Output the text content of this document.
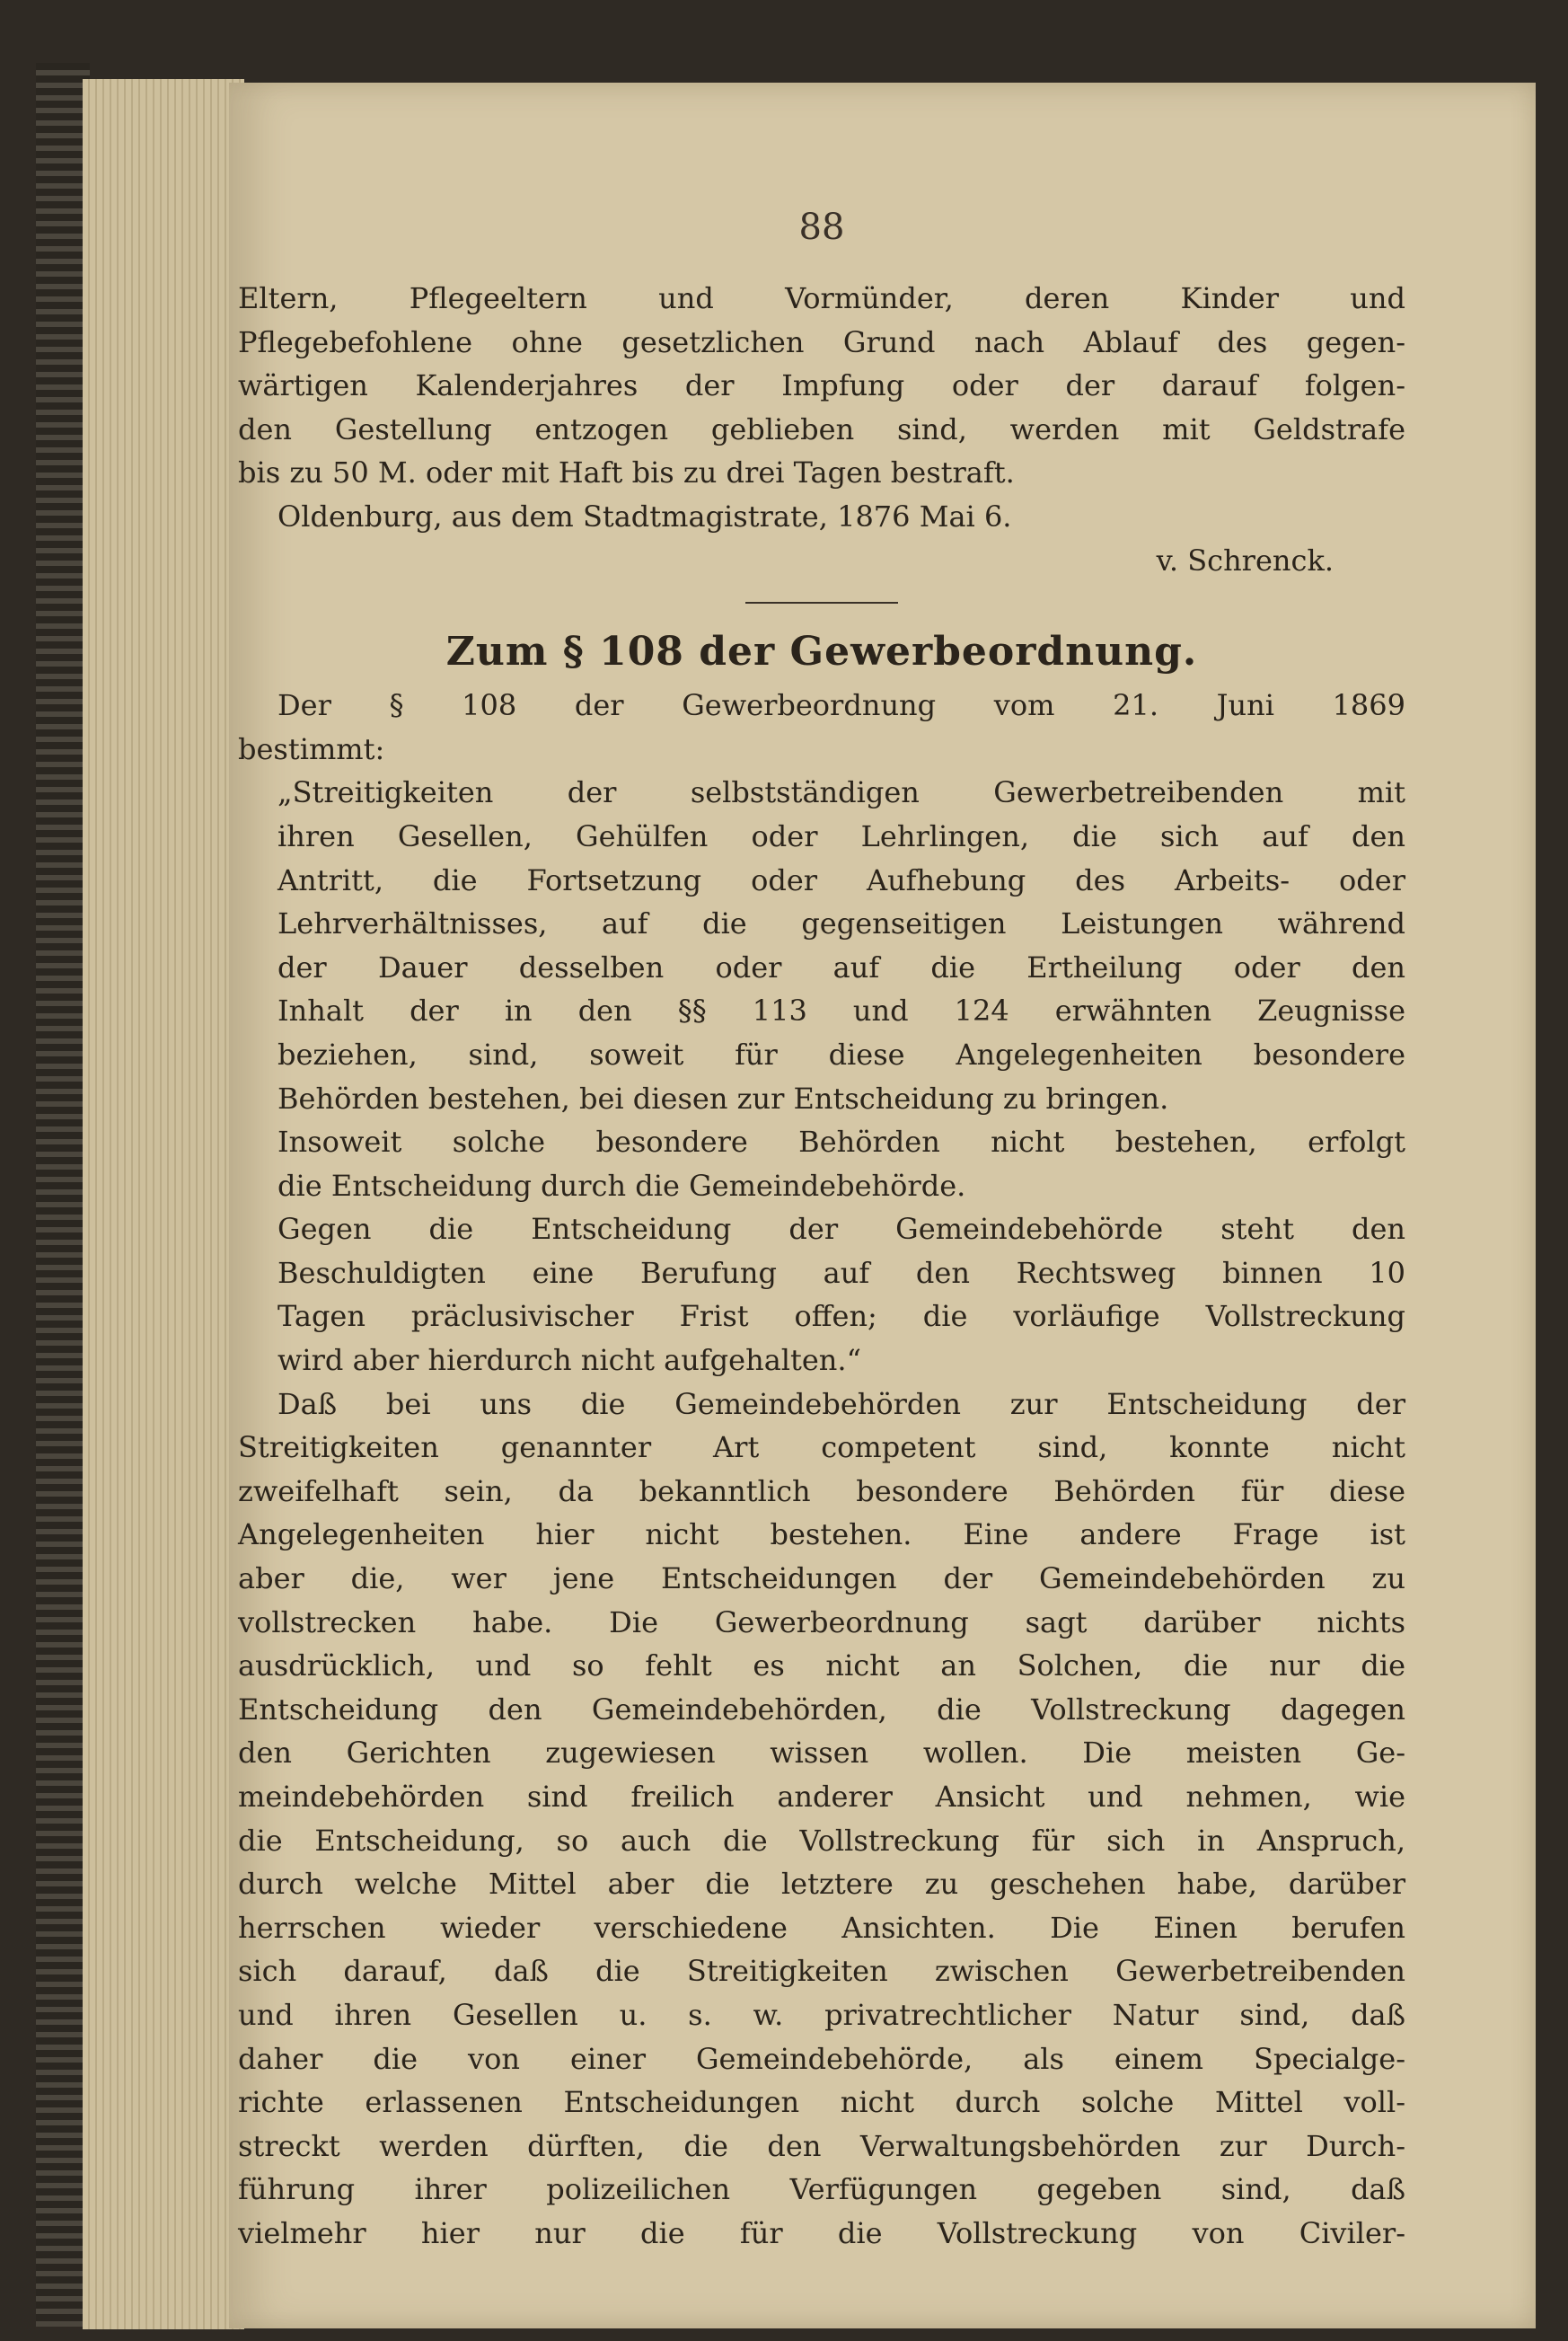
88
Eltern, Pflegeeltern und Vormünder, deren Kinder und
Pflegebefohlene ohne gesetzlichen Grund nach Ablauf des gegen-
wärtigen Kalenderjahres der Impfung oder der darauf folgen-
den Gestellung entzogen geblieben sind, werden mit Geldstrafe
bis zu 50 M. oder mit Haft bis zu drei Tagen bestraft.
Oldenburg, aus dem Stadtmagistrate, 1876 Mai 6.
v. Schrenck.
Zum § 108 der Gewerbeordnung.
Der § 108 der Gewerbeordnung vom 21. Juni 1869
bestimmt:
„Streitigkeiten der selbstständigen Gewerbetreibenden mit
ihren Gesellen, Gehülfen oder Lehrlingen, die sich auf den
Antritt, die Fortsetzung oder Aufhebung des Arbeits- oder
Lehrverhältnisses, auf die gegenseitigen Leistungen während
der Dauer desselben oder auf die Ertheilung oder den
Inhalt der in den §§ 113 und 124 erwähnten Zeugnisse
beziehen, sind, soweit für diese Angelegenheiten besondere
Behörden bestehen, bei diesen zur Entscheidung zu bringen.
Insoweit solche besondere Behörden nicht bestehen, erfolgt
die Entscheidung durch die Gemeindebehörde.
Gegen die Entscheidung der Gemeindebehörde steht den
Beschuldigten eine Berufung auf den Rechtsweg binnen 10
Tagen präclusivischer Frist offen; die vorläufige Vollstreckung
wird aber hierdurch nicht aufgehalten.“
Daß bei uns die Gemeindebehörden zur Entscheidung der
Streitigkeiten genannter Art competent sind, konnte nicht
zweifelhaft sein, da bekanntlich besondere Behörden für diese
Angelegenheiten hier nicht bestehen. Eine andere Frage ist
aber die, wer jene Entscheidungen der Gemeindebehörden zu
vollstrecken habe. Die Gewerbeordnung sagt darüber nichts
ausdrücklich, und so fehlt es nicht an Solchen, die nur die
Entscheidung den Gemeindebehörden, die Vollstreckung dagegen
den Gerichten zugewiesen wissen wollen. Die meisten Ge-
meindebehörden sind freilich anderer Ansicht und nehmen, wie
die Entscheidung, so auch die Vollstreckung für sich in Anspruch,
durch welche Mittel aber die letztere zu geschehen habe, darüber
herrschen wieder verschiedene Ansichten. Die Einen berufen
sich darauf, daß die Streitigkeiten zwischen Gewerbetreibenden
und ihren Gesellen u. s. w. privatrechtlicher Natur sind, daß
daher die von einer Gemeindebehörde, als einem Specialge-
richte erlassenen Entscheidungen nicht durch solche Mittel voll-
streckt werden dürften, die den Verwaltungsbehörden zur Durch-
führung ihrer polizeilichen Verfügungen gegeben sind, daß
vielmehr hier nur die für die Vollstreckung von Civiler-
